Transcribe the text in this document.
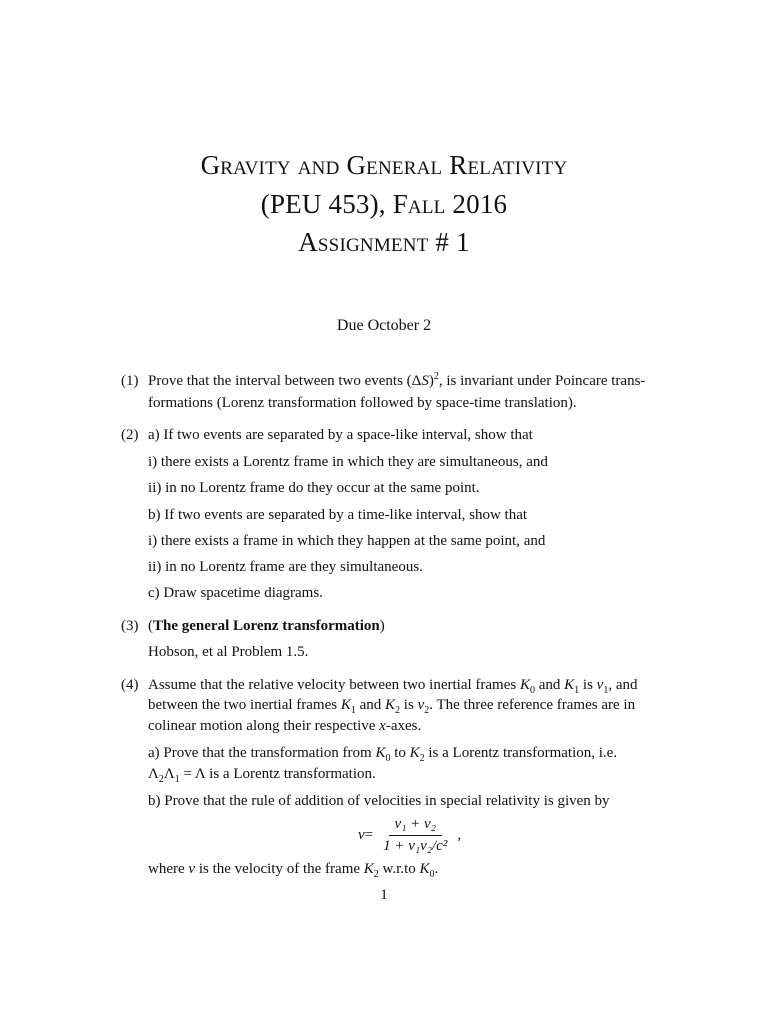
Gravity and General Relativity
(PEU 453), Fall 2016
Assignment # 1
Due October 2
(1) Prove that the interval between two events $(\Delta S)^2$, is invariant under Poincare trans-
formations (Lorenz transformation followed by space-time translation).
(2) a) If two events are separated by a space-like interval, show that
i) there exists a Lorentz frame in which they are simultaneous, and
ii) in no Lorentz frame do they occur at the same point.
b) If two events are separated by a time-like interval, show that
i) there exists a frame in which they happen at the same point, and
ii) in no Lorentz frame are they simultaneous.
c) Draw spacetime diagrams.
(3) (The general Lorenz transformation)
Hobson, et al Problem 1.5.
(4) Assume that the relative velocity between two inertial frames $K_0$ and $K_1$ is $v_1$, and
between the two inertial frames $K_1$ and $K_2$ is $v_2$. The three reference frames are in
colinear motion along their respective x-axes.
a) Prove that the transformation from $K_0$ to $K_2$ is a Lorentz transformation, i.e.
$\Lambda_2\Lambda_1 = \Lambda$ is a Lorentz transformation.
b) Prove that the rule of addition of velocities in special relativity is given by
$v = \frac{\text{v₁ + v₂}}{\text{1 + v₁v₂/c²}}$ ,
where v is the velocity of the frame $K_2$ w.r.to $K_0$.
1
